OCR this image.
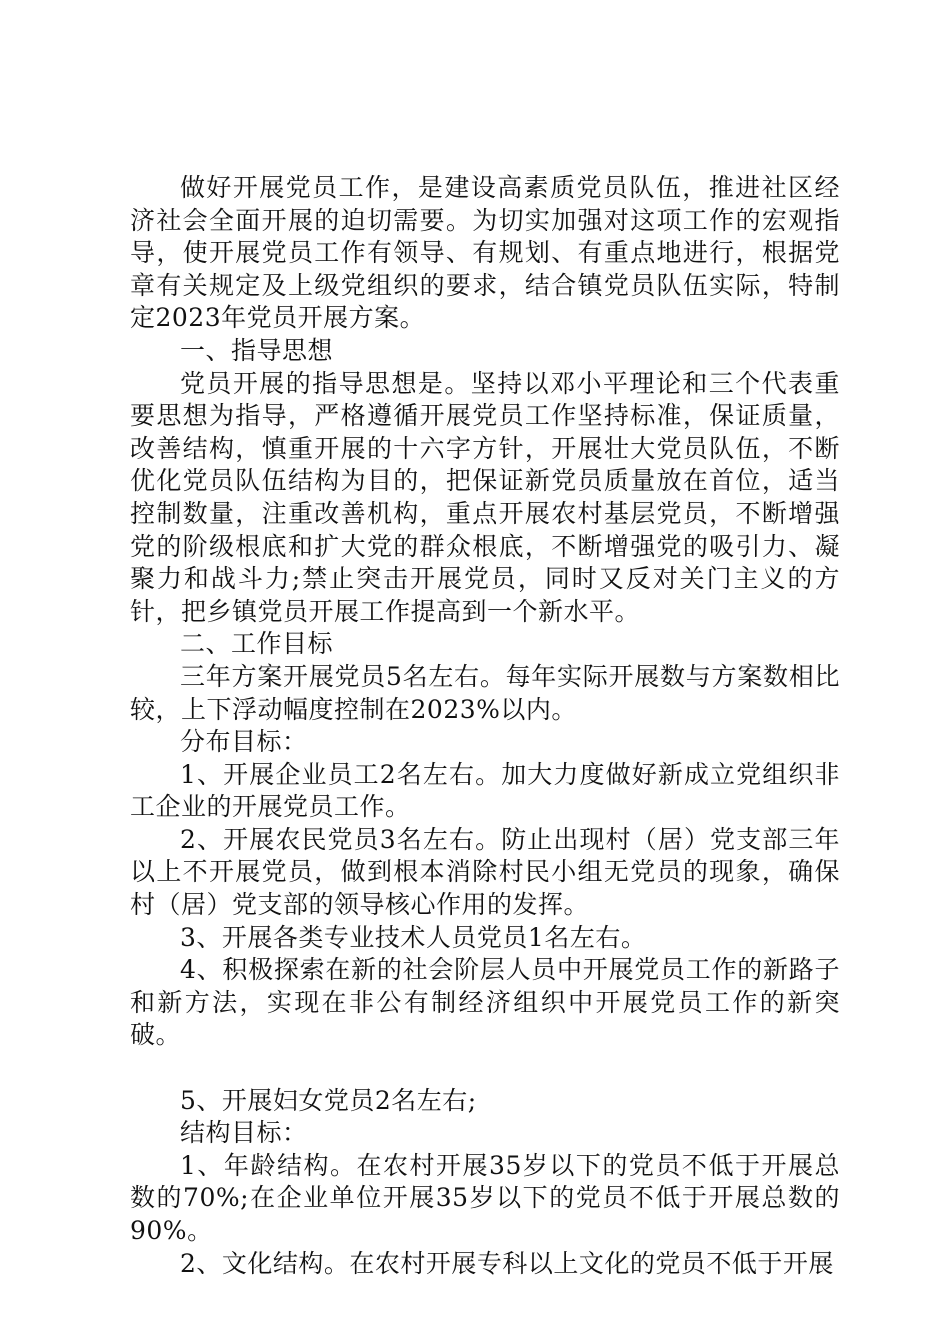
做好开展党员工作，是建设高素质党员队伍，推进社区经济社会全面开展的迫切需要。为切实加强对这项工作的宏观指导，使开展党员工作有领导、有规划、有重点地进行，根据党章有关规定及上级党组织的要求，结合镇党员队伍实际，特制定2023年党员开展方案。

一、指导思想

党员开展的指导思想是。坚持以邓小平理论和三个代表重要思想为指导，严格遵循开展党员工作坚持标准，保证质量，改善结构，慎重开展的十六字方针，开展壮大党员队伍，不断优化党员队伍结构为目的，把保证新党员质量放在首位，适当控制数量，注重改善机构，重点开展农村基层党员，不断增强党的阶级根底和扩大党的群众根底，不断增强党的吸引力、凝聚力和战斗力;禁止突击开展党员，同时又反对关门主义的方针，把乡镇党员开展工作提高到一个新水平。

二、工作目标

三年方案开展党员5名左右。每年实际开展数与方案数相比较，上下浮动幅度控制在2023%以内。

分布目标：

1、开展企业员工2名左右。加大力度做好新成立党组织非工企业的开展党员工作。

2、开展农民党员3名左右。防止出现村（居）党支部三年以上不开展党员，做到根本消除村民小组无党员的现象，确保村（居）党支部的领导核心作用的发挥。

3、开展各类专业技术人员党员1名左右。

4、积极探索在新的社会阶层人员中开展党员工作的新路子和新方法，实现在非公有制经济组织中开展党员工作的新突破。

5、开展妇女党员2名左右;

结构目标：

1、年龄结构。在农村开展35岁以下的党员不低于开展总数的70%;在企业单位开展35岁以下的党员不低于开展总数的90%。

2、文化结构。在农村开展专科以上文化的党员不低于开展
